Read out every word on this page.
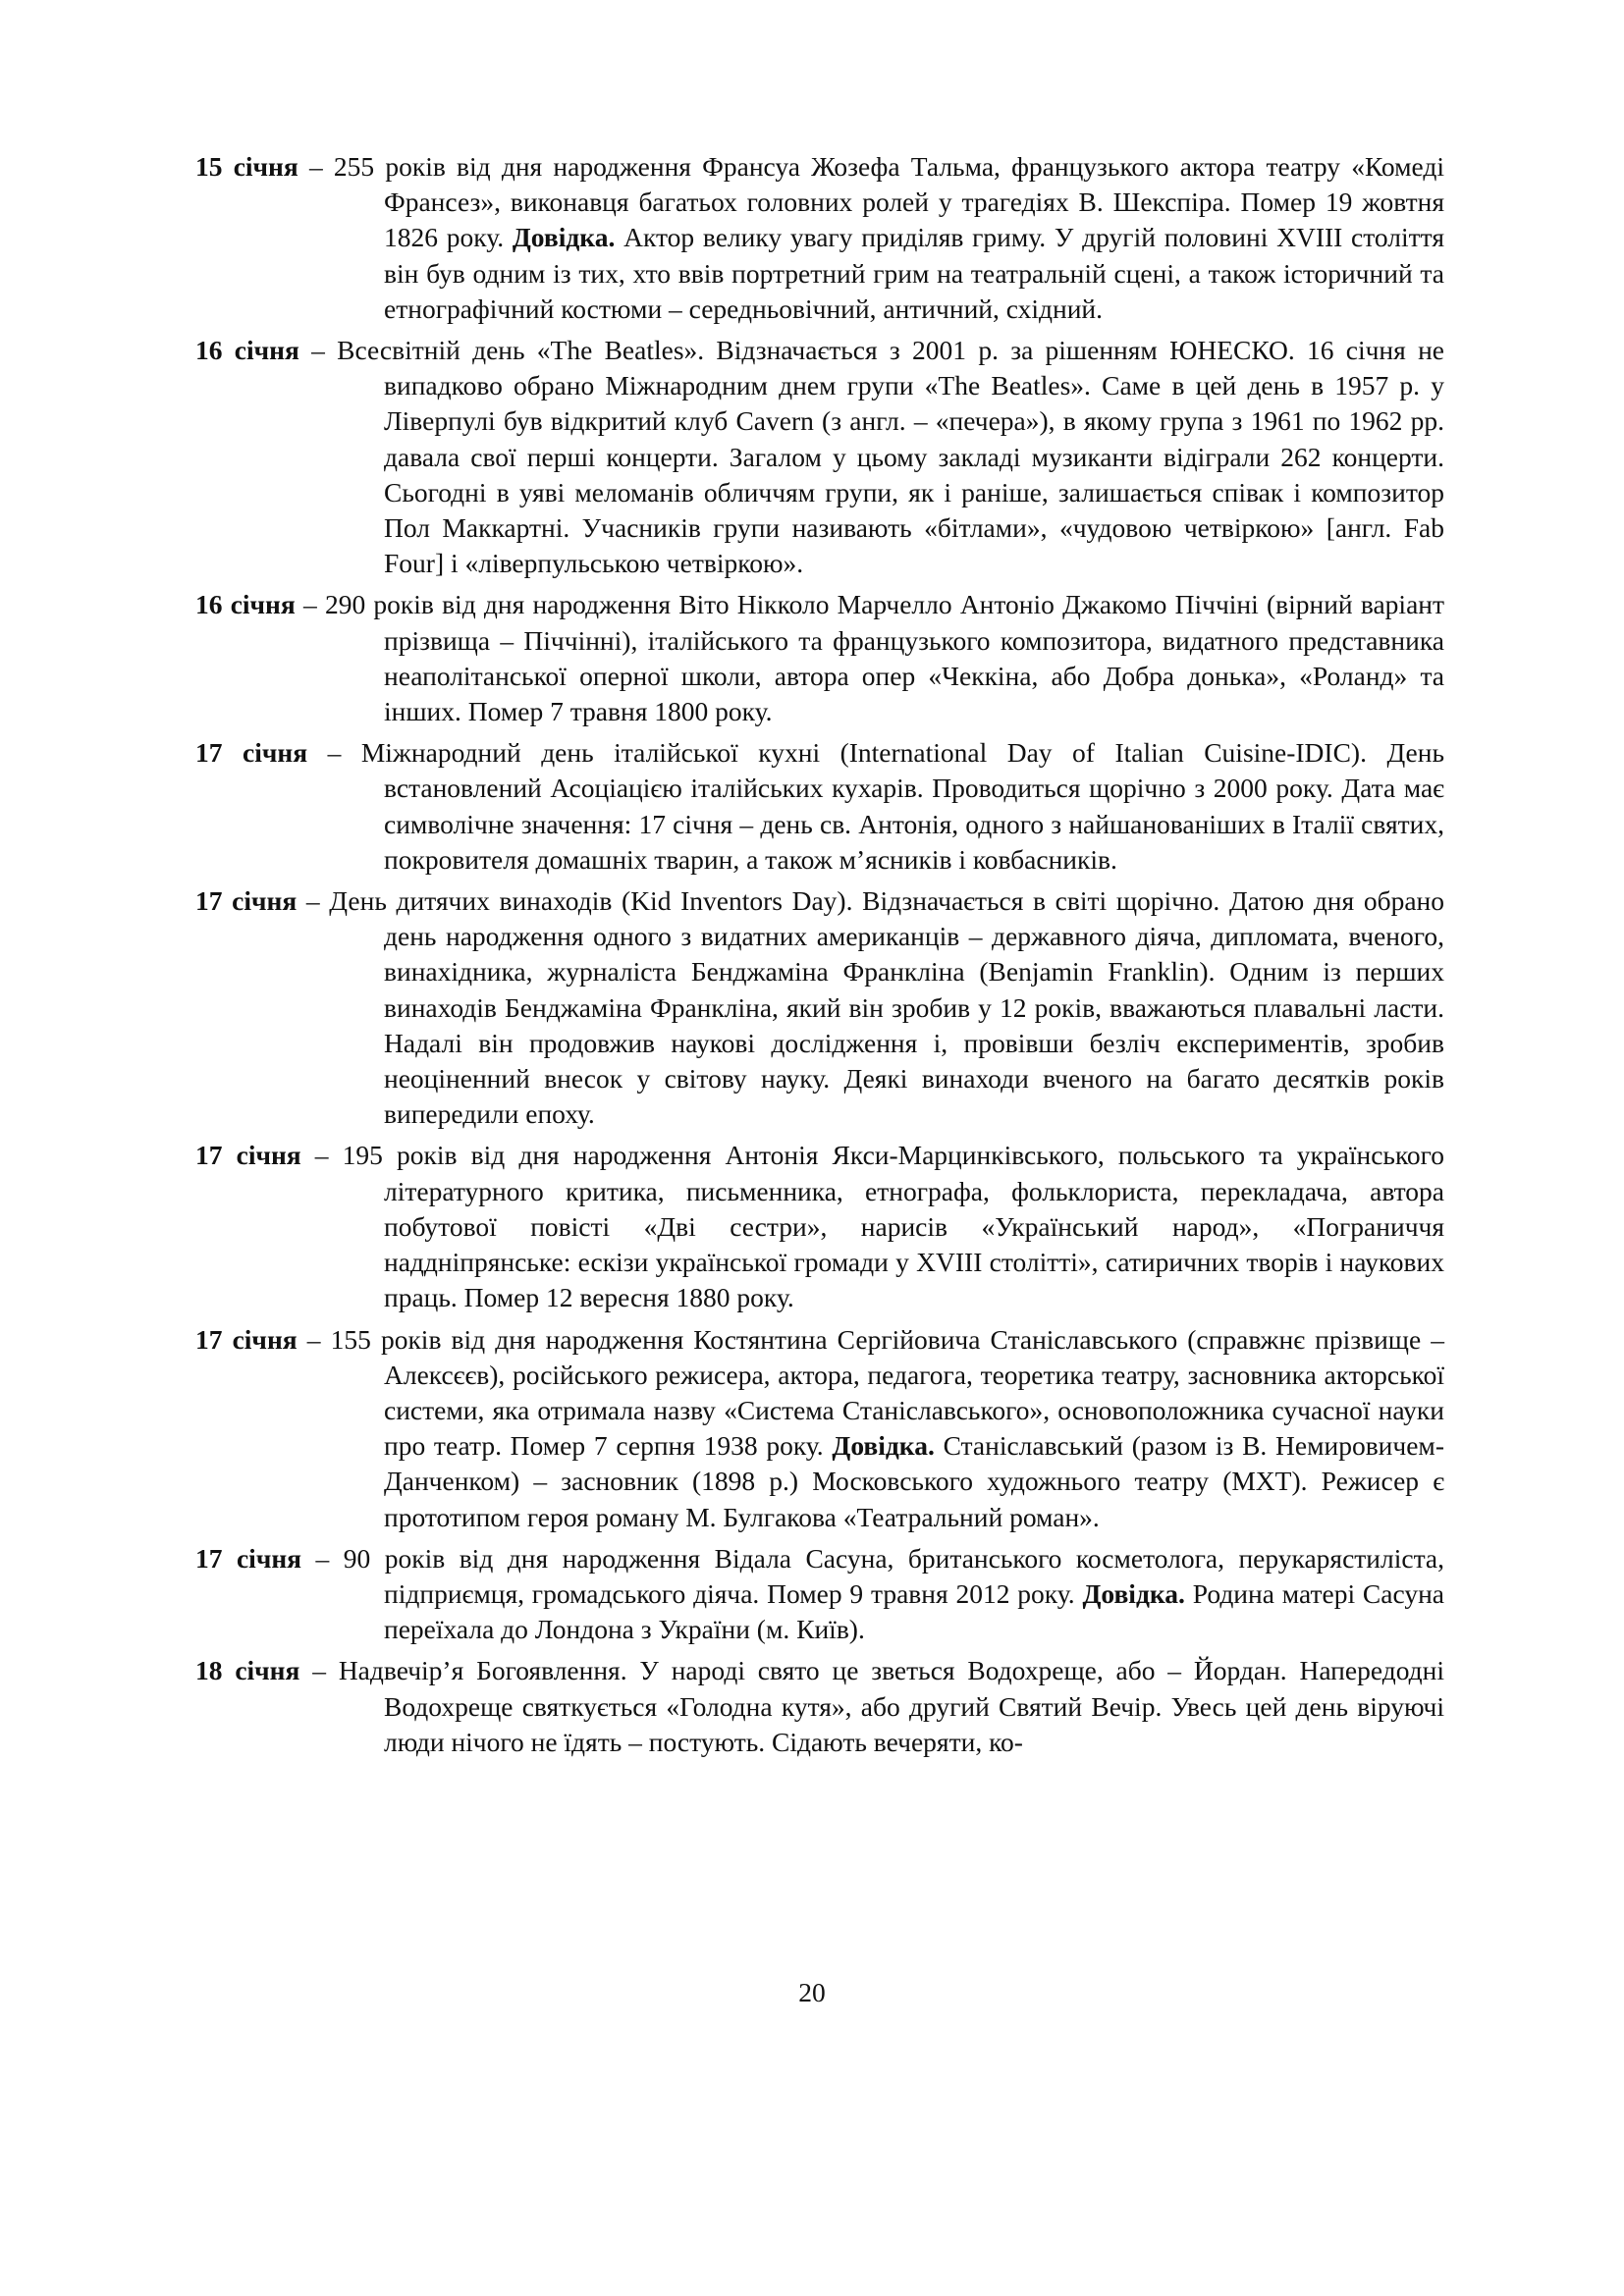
15 січня – 255 років від дня народження Франсуа Жозефа Тальма, французького актора театру «Комеді Франсез», виконавця багатьох головних ролей у трагедіях В. Шекспіра. Помер 19 жовтня 1826 року. Довідка. Актор велику увагу приділяв гриму. У другій половині XVIII століття він був одним із тих, хто ввів портретний грим на театральній сцені, а також історичний та етнографічний костюми – середньовічний, античний, східний.

16 січня – Всесвітній день «The Beatles». Відзначається з 2001 р. за рішенням ЮНЕСКО. 16 січня не випадково обрано Міжнародним днем групи «The Beatles». Саме в цей день в 1957 р. у Ліверпулі був відкритий клуб Cavern (з англ. – «печера»), в якому група з 1961 по 1962 рр. давала свої перші концерти. Загалом у цьому закладі музиканти відіграли 262 концерти. Сьогодні в уяві меломанів обличчям групи, як і раніше, залишається співак і композитор Пол Маккартні. Учасників групи називають «бітлами», «чудовою четвіркою» [англ. Fab Four] і «ліверпульською четвіркою».

16 січня – 290 років від дня народження Віто Нікколо Марчелло Антоніо Джакомо Піччіні (вірний варіант прізвища – Піччінні), італійського та французького композитора, видатного представника неаполітанської оперної школи, автора опер «Чеккіна, або Добра донька», «Роланд» та інших. Помер 7 травня 1800 року.

17 січня – Міжнародний день італійської кухні (International Day of Italian Cuisine-IDIC). День встановлений Асоціацією італійських кухарів. Проводиться щорічно з 2000 року. Дата має символічне значення: 17 січня – день св. Антонія, одного з найшанованіших в Італії святих, покровителя домашніх тварин, а також м’ясників і ковбасників.

17 січня – День дитячих винаходів (Kid Inventors Day). Відзначається в світі щорічно. Датою дня обрано день народження одного з видатних американців – державного діяча, дипломата, вченого, винахідника, журналіста Бенджаміна Франкліна (Benjamin Franklin). Одним із перших винаходів Бенджаміна Франкліна, який він зробив у 12 років, вважаються плавальні ласти. Надалі він продовжив наукові дослідження і, провівши безліч експериментів, зробив неоціненний внесок у світову науку. Деякі винаходи вченого на багато десятків років випередили епоху.

17 січня – 195 років від дня народження Антонія Якси-Марцинківського, польського та українського літературного критика, письменника, етнографа, фольклориста, перекладача, автора побутової повісті «Дві сестри», нарисів «Український народ», «Пограниччя наддніпрянське: ескізи української громади у XVIII столітті», сатиричних творів і наукових праць. Помер 12 вересня 1880 року.

17 січня – 155 років від дня народження Костянтина Сергійовича Станіславського (справжнє прізвище – Алексєєв), російського режисера, актора, педагога, теоретика театру, засновника акторської системи, яка отримала назву «Система Станіславського», основоположника сучасної науки про театр. Помер 7 серпня 1938 року. Довідка. Станіславський (разом із В. Немировичем-Данченком) – засновник (1898 р.) Московського художнього театру (МХТ). Режисер є прототипом героя роману М. Булгакова «Театральний роман».

17 січня – 90 років від дня народження Відала Сасуна, британського косметолога, перукарястиліста, підприємця, громадського діяча. Помер 9 травня 2012 року. Довідка. Родина матері Сасуна переїхала до Лондона з України (м. Київ).

18 січня – Надвечір’я Богоявлення. У народі свято це зветься Водохреще, або – Йордан. Напередодні Водохреще святкується «Голодна кутя», або другий Святий Вечір. Увесь цей день віруючі люди нічого не їдять – постують. Сідають вечеряти, ко-

20
